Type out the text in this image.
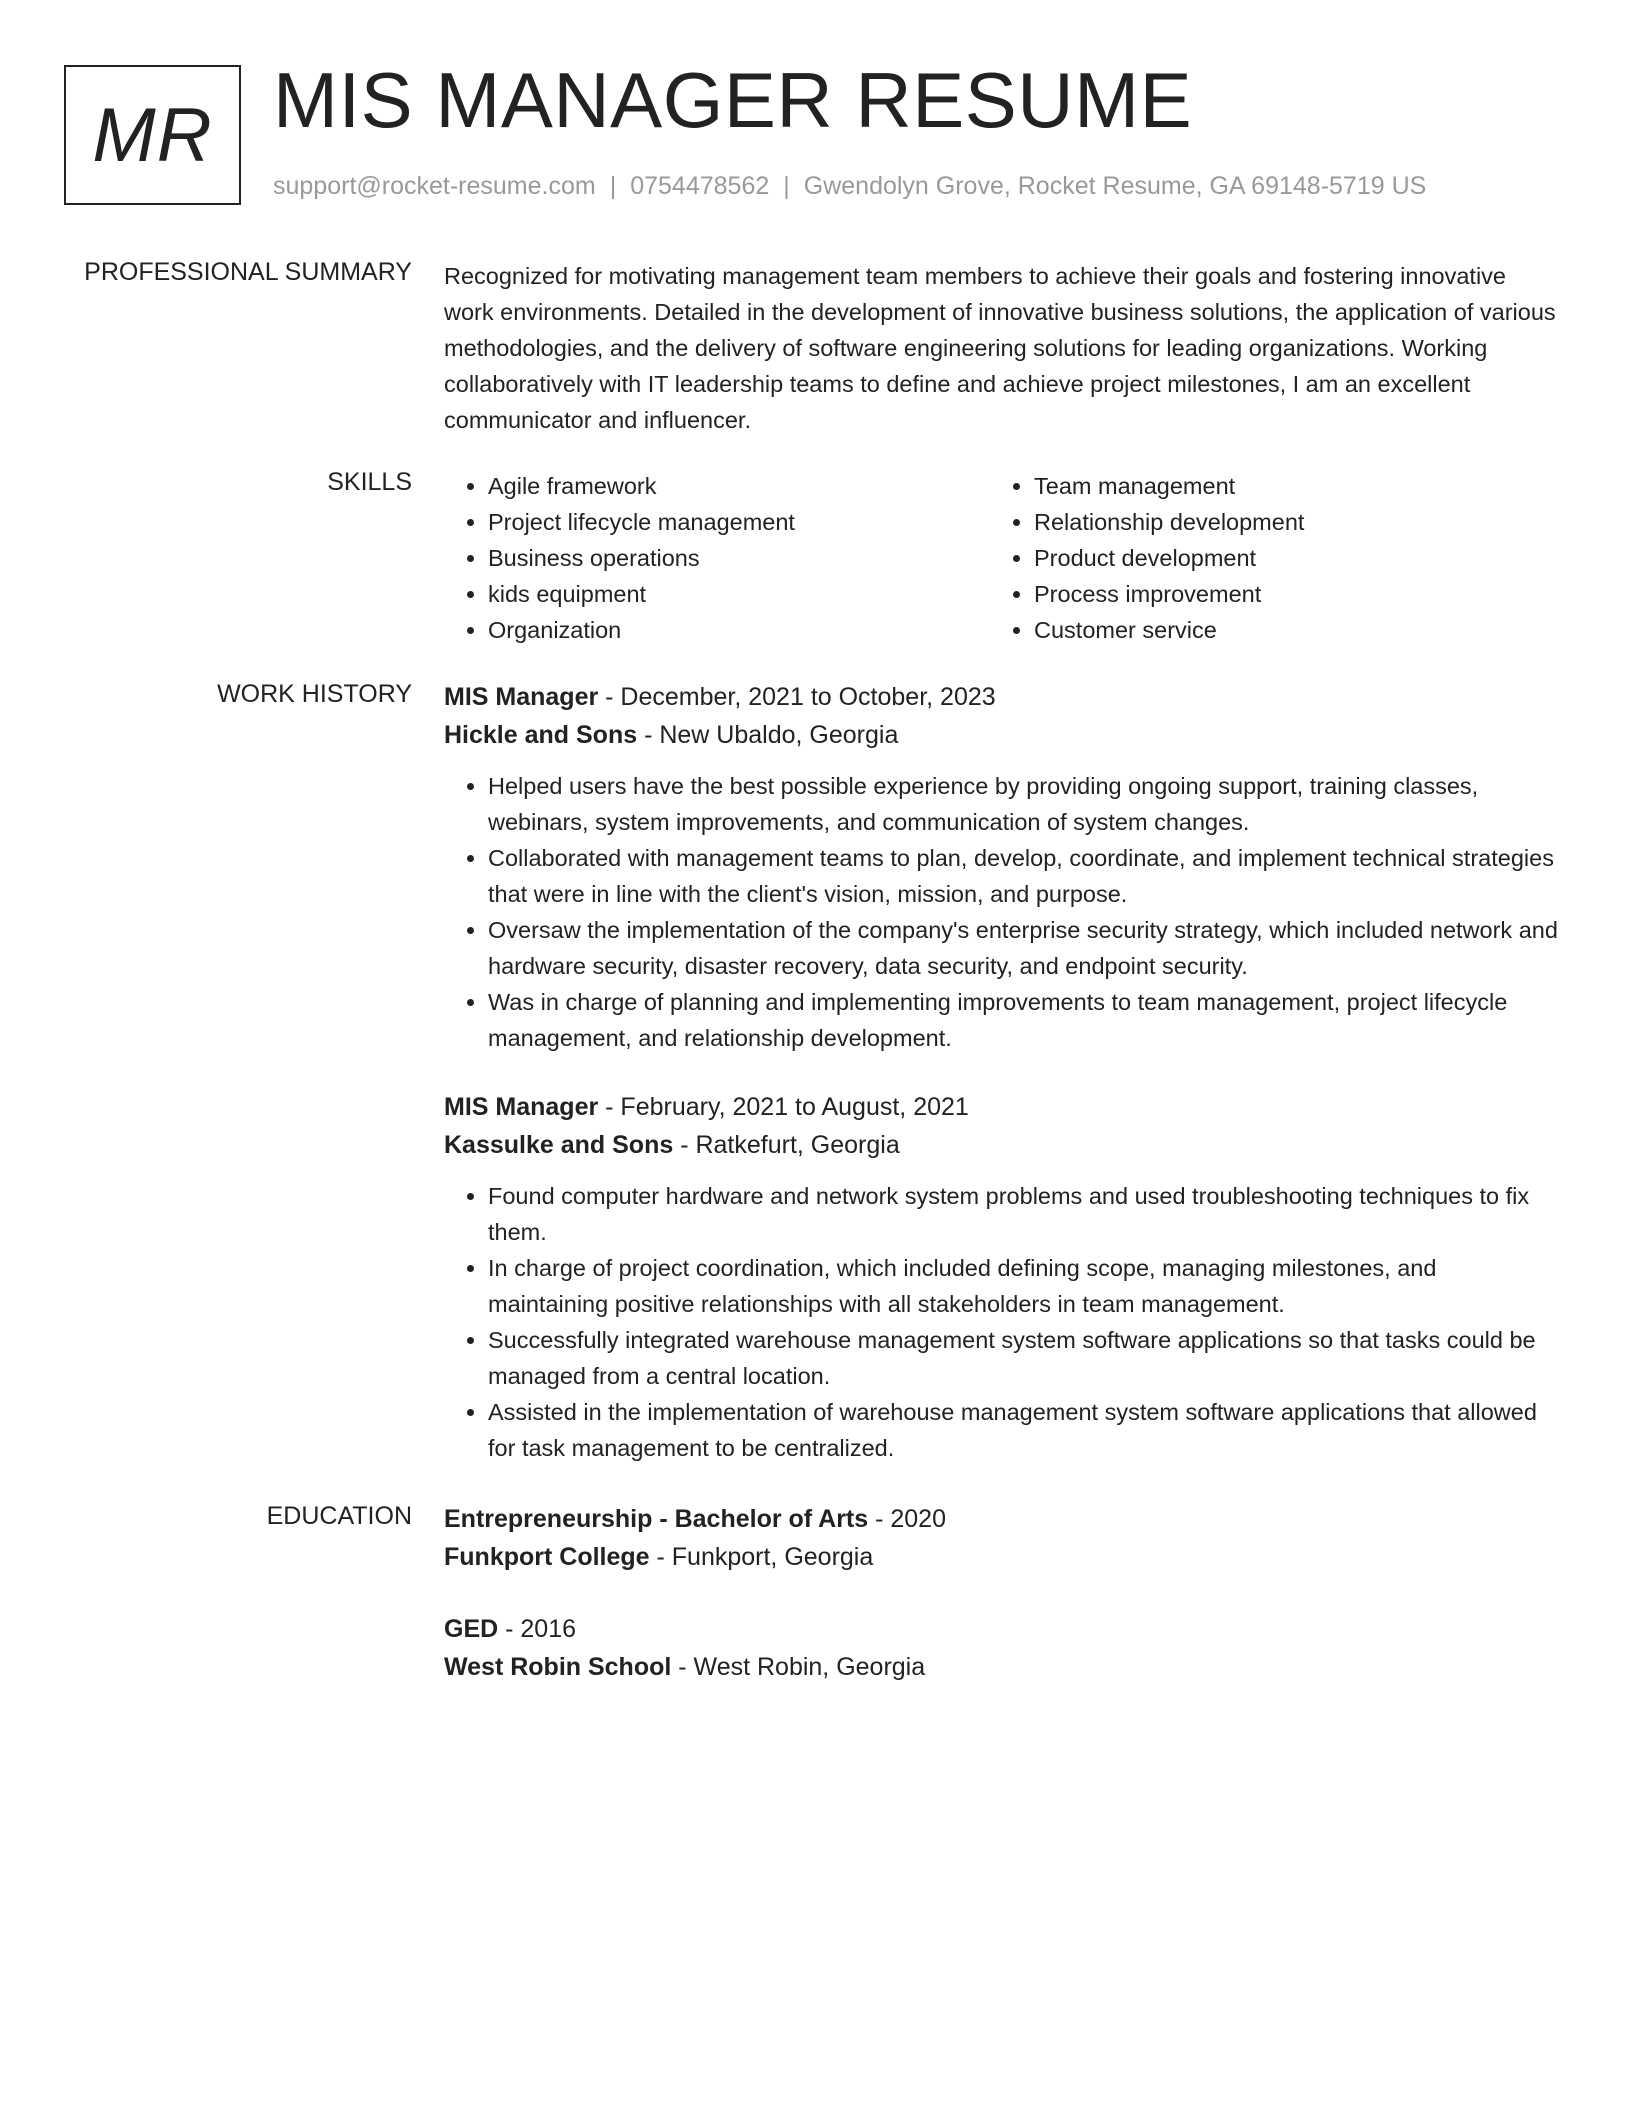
MR MIS MANAGER RESUME
support@rocket-resume.com | 0754478562 | Gwendolyn Grove, Rocket Resume, GA 69148-5719 US
PROFESSIONAL SUMMARY Recognized for motivating management team members to achieve their goals and fostering innovative work environments. Detailed in the development of innovative business solutions, the application of various methodologies, and the delivery of software engineering solutions for leading organizations. Working collaboratively with IT leadership teams to define and achieve project milestones, I am an excellent communicator and influencer.

SKILLS
•	Agile framework
• Project lifecycle management
• Business operations
• kids equipment
• Organization
• Team management
• Relationship development
• Product development
• Process improvement
• Customer service
WORK HISTORY MIS Manager - December, 2021 to October, 2023
Hickle and Sons - New Ubaldo, Georgia
• Helped users have the best possible experience by providing ongoing support, training classes, webinars, system improvements, and communication of system changes.
• Collaborated with management teams to plan, develop, coordinate, and implement technical strategies that were in line with the client's vision, mission, and purpose.
• Oversaw the implementation of the company's enterprise security strategy, which included network and hardware security, disaster recovery, data security, and endpoint security.
• Was in charge of planning and implementing improvements to team management, project lifecycle management, and relationship development.
MIS Manager - February, 2021 to August, 2021
Kassulke and Sons - Ratkefurt, Georgia
• Found computer hardware and network system problems and used troubleshooting techniques to fix them.
• In charge of project coordination, which included defining scope, managing milestones, and maintaining positive relationships with all stakeholders in team management.
• Successfully integrated warehouse management system software applications so that tasks could be managed from a central location.
• Assisted in the implementation of warehouse management system software applications that allowed for task management to be centralized.
EDUCATION Entrepreneurship - Bachelor of Arts - 2020
Funkport College - Funkport, Georgia
GED - 2016
West Robin School - West Robin, Georgia
